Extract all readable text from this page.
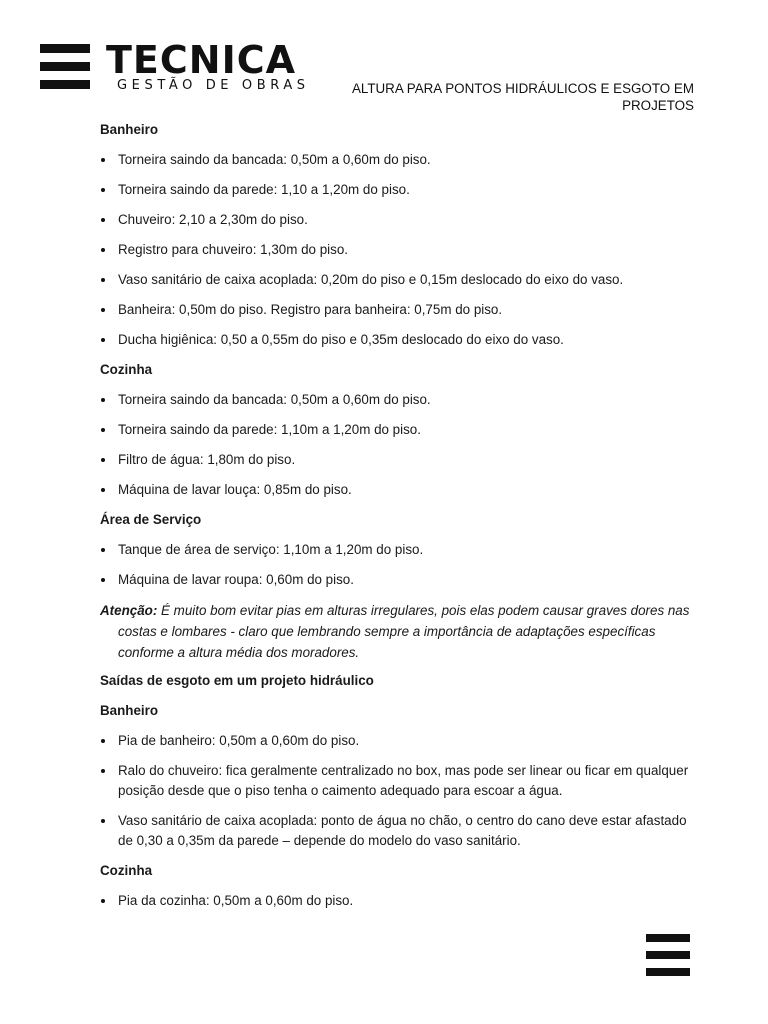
TECNICA
GESTÃO DE OBRAS	ALTURA PARA PONTOS HIDRÁULICOS E ESGOTO EM PROJETOS
Banheiro
Torneira saindo da bancada: 0,50m a 0,60m do piso.
Torneira saindo da parede: 1,10 a 1,20m do piso.
Chuveiro: 2,10 a 2,30m do piso.
Registro para chuveiro: 1,30m do piso.
Vaso sanitário de caixa acoplada: 0,20m do piso e 0,15m deslocado do eixo do vaso.
Banheira: 0,50m do piso. Registro para banheira: 0,75m do piso.
Ducha higiênica: 0,50 a 0,55m do piso e 0,35m deslocado do eixo do vaso.
Cozinha
Torneira saindo da bancada: 0,50m a 0,60m do piso.
Torneira saindo da parede: 1,10m a 1,20m do piso.
Filtro de água: 1,80m do piso.
Máquina de lavar louça: 0,85m do piso.
Área de Serviço
Tanque de área de serviço: 1,10m a 1,20m do piso.
Máquina de lavar roupa: 0,60m do piso.
Atenção: É muito bom evitar pias em alturas irregulares, pois elas podem causar graves dores nas costas e lombares - claro que lembrando sempre a importância de adaptações específicas conforme a altura média dos moradores.
Saídas de esgoto em um projeto hidráulico
Banheiro
Pia de banheiro: 0,50m a 0,60m do piso.
Ralo do chuveiro: fica geralmente centralizado no box, mas pode ser linear ou ficar em qualquer posição desde que o piso tenha o caimento adequado para escoar a água.
Vaso sanitário de caixa acoplada: ponto de água no chão, o centro do cano deve estar afastado de 0,30 a 0,35m da parede – depende do modelo do vaso sanitário.
Cozinha
Pia da cozinha: 0,50m a 0,60m do piso.
